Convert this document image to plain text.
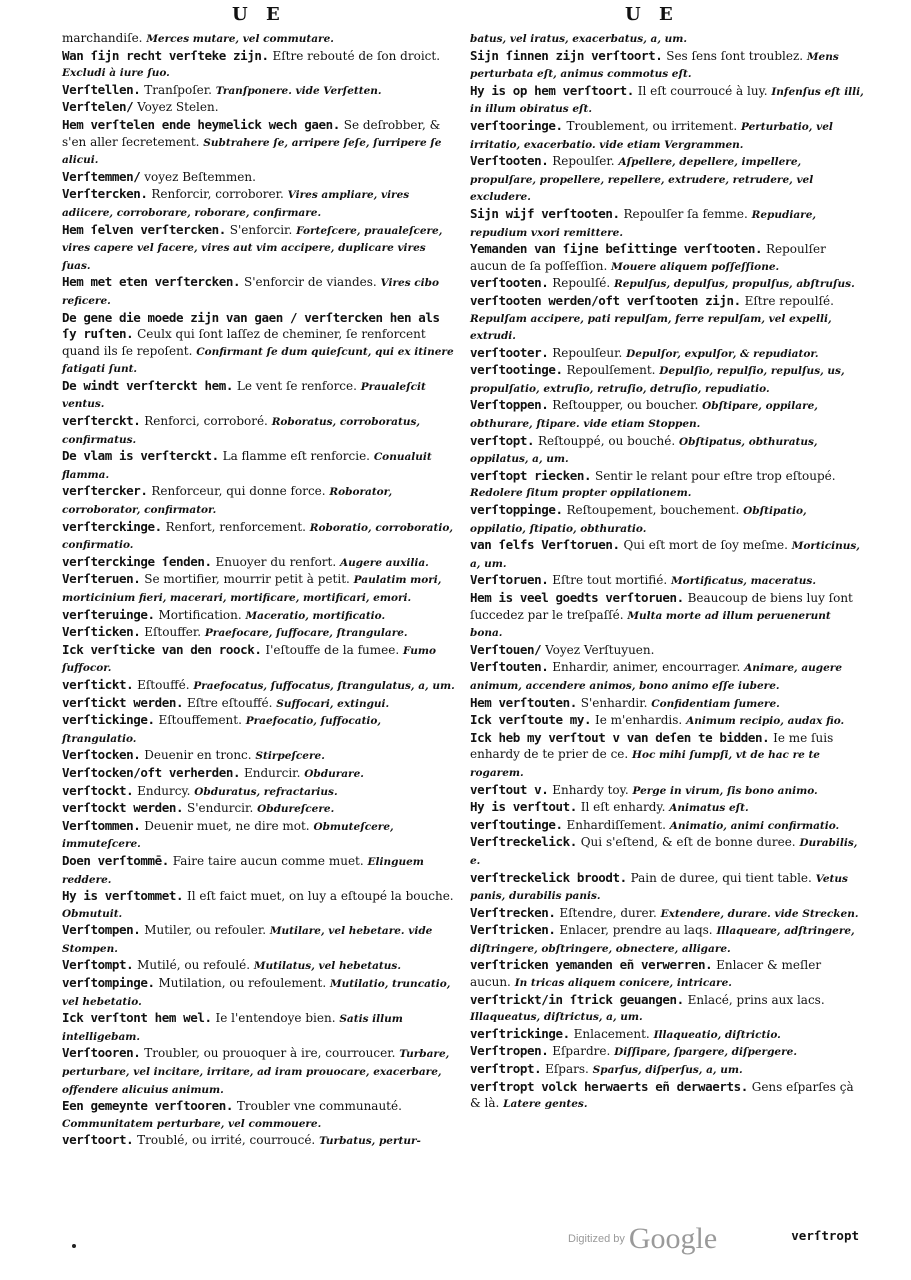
U E	U E

marchandiſe. Merces mutare, vel commutare.

Wan ſijn recht verſteke zijn. Eſtre rebouté de ſon droict. Excludi à iure ſuo.

Verſtellen. Tranſpoſer. Tranſponere. vide Verſetten.

Verſtelen/ Voyez Stelen.

Hem verſtelen ende heymelick wech gaen. Se deſrobber, & s'en aller ſecretement. Subtrahere ſe, arripere ſeſe, ſurripere ſe alicui.

Verſtemmen/ voyez Beſtemmen.

Verſtercken. Renforcir, corroborer. Vires ampliare, vires adiicere, corroborare, roborare, confirmare.

Hem ſelven verſtercken. S'enforcir. Forteſcere, praualeſcere, vires capere vel facere, vires aut vim accipere, duplicare vires ſuas.

Hem met eten verſtercken. S'enforcir de viandes. Vires cibo reficere.

De gene die moede zijn van gaen / verſtercken hen als ſy ruſten. Ceulx qui ſont laſſez de cheminer, ſe renforcent quand ils ſe repoſent. Confirmant ſe dum quieſcunt, qui ex itinere fatigati ſunt.

De windt verſterckt hem. Le vent ſe renforce. Praualeſcit ventus.

verſterckt. Renforci, corroboré. Roboratus, corroboratus, confirmatus.

De vlam is verſterckt. La flamme eſt renforcie. Conualuit flamma.

verſtercker. Renforceur, qui donne force. Roborator, corroborator, confirmator.

verſterckinge. Renfort, renforcement. Roboratio, corroboratio, confirmatio.

verſterckinge ſenden. Enuoyer du renfort. Augere auxilia.

Verſteruen. Se mortifier, mourrir petit à petit. Paulatim mori, morticinium fieri, macerari, mortificare, mortificari, emori.

verſteruinge. Mortification. Maceratio, mortificatio.

Verſticken. Eſtouffer. Praefocare, ſuffocare, ſtrangulare.

Ick verſticke van den roock. I'eſtouffe de la fumee. Fumo ſuffocor.

verſtickt. Eſtouffé. Praefocatus, ſuffocatus, ſtrangulatus, a, um.

verſtickt werden. Eſtre eſtouffé. Suffocari, extingui.

verſtickinge. Eſtouffement. Praefocatio, ſuffocatio, ſtrangulatio.

Verſtocken. Deuenir en tronc. Stirpeſcere.

Verſtocken/oft verherden. Endurcir. Obdurare.

verſtockt. Endurcy. Obduratus, refractarius.

verſtockt werden. S'endurcir. Obdureſcere.

Verſtommen. Deuenir muet, ne dire mot. Obmuteſcere, immuteſcere.

Doen verſtommē. Faire taire aucun comme muet. Elinguem reddere.

Hy is verſtommet. Il eſt faict muet, on luy a eſtoupé la bouche. Obmutuit.

Verſtompen. Mutiler, ou refouler. Mutilare, vel hebetare. vide Stompen.

Verſtompt. Mutilé, ou refoulé. Mutilatus, vel hebetatus.

verſtompinge. Mutilation, ou refoulement. Mutilatio, truncatio, vel hebetatio.

Ick verſtont hem wel. Ie l'entendoye bien. Satis illum intelligebam.

Verſtooren. Troubler, ou prouoquer à ire, courroucer. Turbare, perturbare, vel incitare, irritare, ad iram prouocare, exacerbare, offendere alicuius animum.

Een gemeynte verſtooren. Troubler vne communauté. Communitatem perturbare, vel commouere.

verſtoort. Troublé, ou irrité, courroucé. Turbatus, pertur-

batus, vel iratus, exacerbatus, a, um.

Sijn ſinnen zijn verſtoort. Ses ſens ſont troublez. Mens perturbata eſt, animus commotus eſt.

Hy is op hem verſtoort. Il eſt courroucé à luy. Infenſus eſt illi, in illum obiratus eſt.

verſtooringe. Troublement, ou irritement. Perturbatio, vel irritatio, exacerbatio. vide etiam Vergrammen.

Verſtooten. Repoulſer. Aſpellere, depellere, impellere, propulſare, propellere, repellere, extrudere, retrudere, vel excludere.

Sijn wijf verſtooten. Repoulſer ſa femme. Repudiare, repudium vxori remittere.

Yemanden van ſijne beſittinge verſtooten. Repoulſer aucun de ſa poſſeſſion. Mouere aliquem poſſeſſione.

verſtooten. Repoulſé. Repulſus, depulſus, propulſus, abſtruſus.

verſtooten werden/oft verſtooten zijn. Eſtre repoulſé. Repulſam accipere, pati repulſam, ferre repulſam, vel expelli, extrudi.

verſtooter. Repoulſeur. Depulſor, expulſor, & repudiator.

verſtootinge. Repoulſement. Depulſio, repulſio, repulſus, us, propulſatio, extruſio, retruſio, detruſio, repudiatio.

Verſtoppen. Reſtoupper, ou boucher. Obſtipare, oppilare, obthurare, ſtipare. vide etiam Stoppen.

verſtopt. Reſtouppé, ou bouché. Obſtipatus, obthuratus, oppilatus, a, um.

verſtopt riecken. Sentir le relant pour eſtre trop eſtoupé. Redolere ſitum propter oppilationem.

verſtoppinge. Reſtoupement, bouchement. Obſtipatio, oppilatio, ſtipatio, obthuratio.

van ſelfs Verſtoruen. Qui eſt mort de ſoy meſme. Morticinus, a, um.

Verſtoruen. Eſtre tout mortifié. Mortificatus, maceratus.

Hem is veel goedts verſtoruen. Beaucoup de biens luy ſont ſuccedez par le treſpaſſé. Multa morte ad illum peruenerunt bona.

Verſtouen/ Voyez Verſtuyuen.

Verſtouten. Enhardir, animer, encourrager. Animare, augere animum, accendere animos, bono animo eſſe iubere.

Hem verſtouten. S'enhardir. Confidentiam ſumere.

Ick verſtoute my. Ie m'enhardis. Animum recipio, audax fio.

Ick heb my verſtout v van deſen te bidden. Ie me ſuis enhardy de te prier de ce. Hoc mihi ſumpſi, vt de hac re te rogarem.

verſtout v. Enhardy toy. Perge in virum, ſis bono animo.

Hy is verſtout. Il eſt enhardy. Animatus eſt.

verſtoutinge. Enhardiſſement. Animatio, animi confirmatio.

Verſtreckelick. Qui s'eſtend, & eſt de bonne duree. Durabilis, e.

verſtreckelick broodt. Pain de duree, qui tient table. Vetus panis, durabilis panis.

Verſtrecken. Eſtendre, durer. Extendere, durare. vide Strecken.

Verſtricken. Enlacer, prendre au laqs. Illaqueare, adſtringere, diſtringere, obſtringere, obnectere, alligare.

verſtricken yemanden eñ verwerren. Enlacer & meſler aucun. In tricas aliquem conicere, intricare.

verſtrickt/in ſtrick geuangen. Enlacé, prins aux lacs. Illaqueatus, diſtrictus, a, um.

verſtrickinge. Enlacement. Illaqueatio, diſtrictio.

Verſtropen. Eſpardre. Diſſipare, ſpargere, diſpergere.

verſtropt. Eſpars. Sparſus, diſperſus, a, um.

verſtropt volck herwaerts eñ derwaerts. Gens eſparſes çà & là. Latere gentes.

verſtropt
Digitized by Google
